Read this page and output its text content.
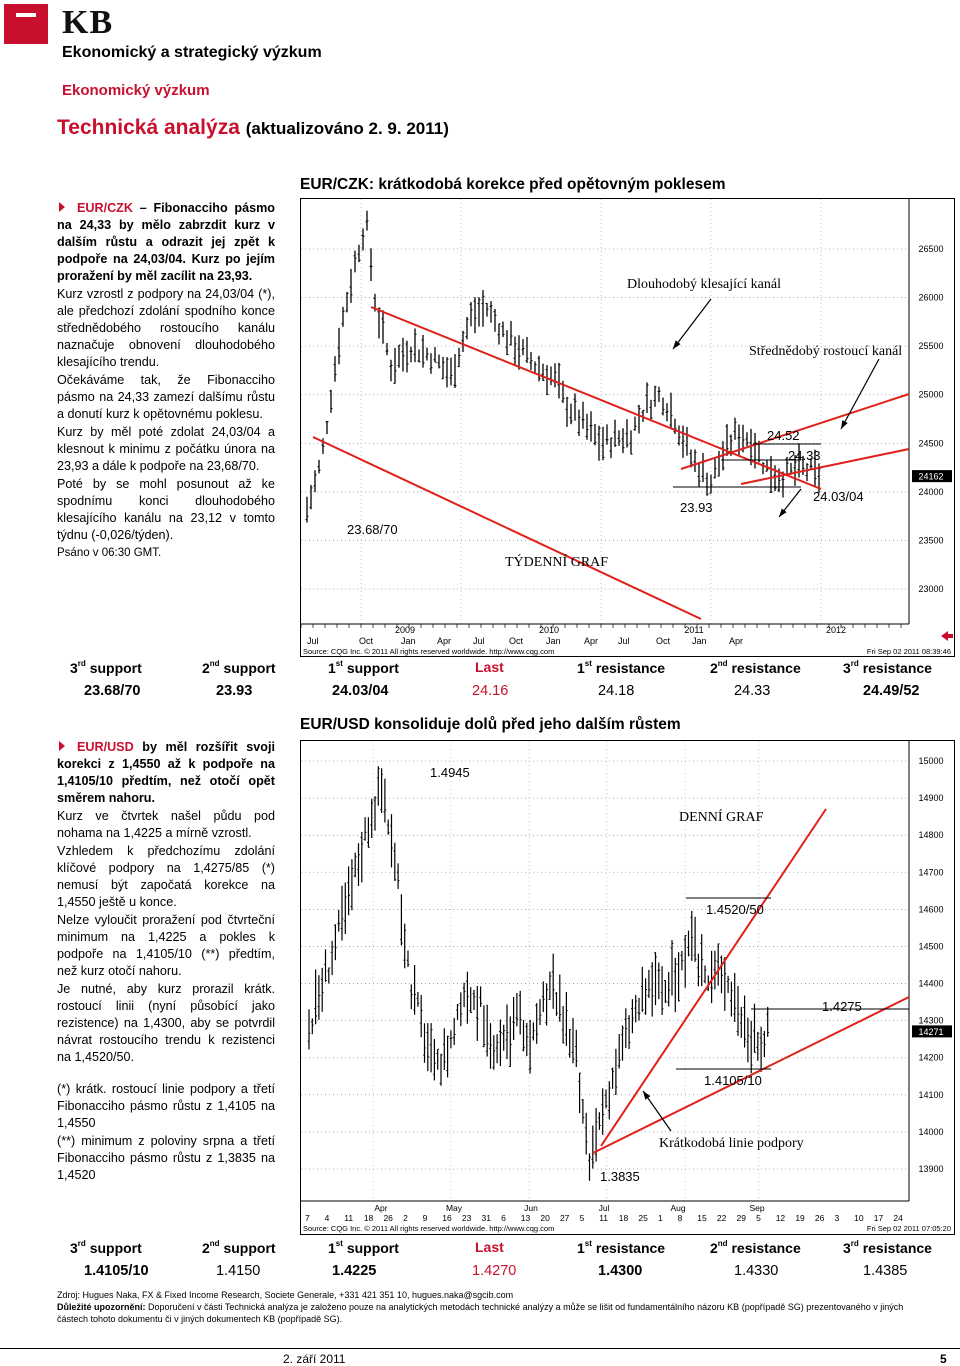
KB
Ekonomický a strategický výzkum
Ekonomický výzkum
Technická analýza (aktualizováno 2. 9. 2011)

EUR/CZK – Fibonacciho pásmo na 24,33 by mělo zabrzdit kurz v dalším růstu a odrazit jej zpět k podpoře na 24,03/04. Kurz po jejím proražení by měl zacílit na 23,93.

Kurz vzrostl z podpory na 24,03/04 (*), ale předchozí zdolání spodního konce střednědobého rostoucího kanálu naznačuje obnovení dlouhodobého klesajícího trendu.

Očekáváme tak, že Fibonacciho pásmo na 24,33 zamezí dalšímu růstu a donutí kurz k opětovnému poklesu.

Kurz by měl poté zdolat 24,03/04 a klesnout k minimu z počátku února na 23,93 a dále k podpoře na 23,68/70.

Poté by se mohl posunout až ke spodnímu konci dlouhodobého klesajícího kanálu na 23,12 v tomto týdnu (-0,026/týden).

Psáno v 06:30 GMT.

EUR/CZK: krátkodobá korekce před opětovným poklesem
26500
26000
25500
25000
24500
24162
24000
23500
23000
2009	2010	2011	2012
Jul	Oct	Jan Apr Jul	Oct	Jan	Apr Jul	Oct Jan Apr
Source: CQG Inc. © 2011 All rights reserved worldwide. http://www.cqg.com	Fri Sep 02 2011 08:39:46
Dlouhodobý klesající kanál
Střednědobý rostoucí kanál
TÝDENNÍ GRAF
24.52
24.33
24.03/04
23.93
23.68/70
3rd support	2nd support	1st support	Last	1st resistance	2nd resistance	3rd resistance
23.68/70	23.93	24.03/04	24.16	24.18	24.33	24.49/52

EUR/USD by měl rozšířit svoji korekci z 1,4550 až k podpoře na 1,4105/10 předtím, než otočí opět směrem nahoru.

Kurz ve čtvrtek našel půdu pod nohama na 1,4225 a mírně vzrostl.

Vzhledem k předchozímu zdolání klíčové podpory na 1,4275/85 (*) nemusí být započatá korekce na 1,4550 ještě u konce.

Nelze vyloučit proražení pod čtvrteční minimum na 1,4225 a pokles k podpoře na 1,4105/10 (**) předtím, než kurz otočí nahoru.

Je nutné, aby kurz prorazil krátk. rostoucí linii (nyní působící jako rezistence) na 1,4300, aby se potvrdil návrat rostoucího trendu k rezistenci na 1,4520/50.

(*) krátk. rostoucí linie podpory a třetí Fibonacciho pásmo růstu z 1,4105 na 1,4550

(**) minimum z poloviny srpna a třetí Fibonacciho pásmo růstu z 1,3835 na 1,4520

EUR/USD konsoliduje dolů před jeho dalším růstem
15000
14900
14800
14700
14600
14500
14400
14300
14271
14200
14100
14000
13900
Apr	May	Jun	Jul	Aug	Sep
7 4 11 18 26 2 9 16 23 31 6 13 20 27 5 11 18 25 1 8 15 22 29 5 12 19 26 3 10 17 24
Source: CQG Inc. © 2011 All rights reserved worldwide. http://www.cqg.com	Fri Sep 02 2011 07:05:20
DENNÍ GRAF
Krátkodobá linie podpory
1.4945
1.4520/50
1.4275
1.4105/10
1.3835
3rd support	2nd support	1st support	Last	1st resistance	2nd resistance	3rd resistance
1.4105/10	1.4150	1.4225	1.4270	1.4300	1.4330	1.4385
Zdroj: Hugues Naka, FX & Fixed Income Research, Societe Generale, +331 421 351 10, hugues.naka@sgcib.com
Důležité upozornění: Doporučení v části Technická analýza je založeno pouze na analytických metodách technické analýzy a může se lišit od fundamentálního názoru KB (popřípadě SG) prezentovaného v jiných částech tohoto dokumentu či v jiných dokumentech KB (popřípadě SG).
2. září 2011	5
